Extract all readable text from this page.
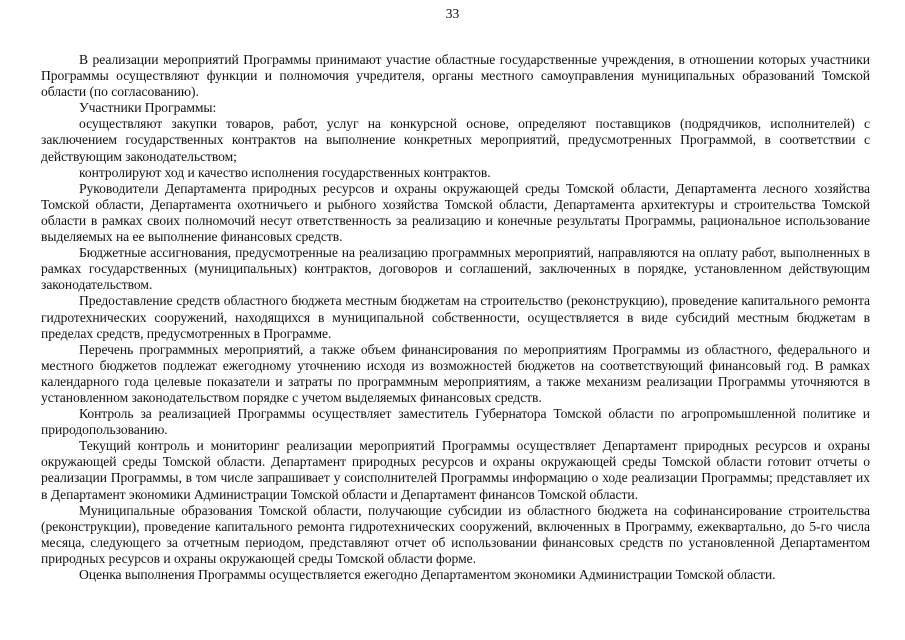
33

В реализации мероприятий Программы принимают участие областные государственные учреждения, в отношении которых участники Программы осуществляют функции и полномочия учредителя, органы местного самоуправления муниципальных образований Томской области (по согласованию).

Участники Программы:

осуществляют закупки товаров, работ, услуг на конкурсной основе, определяют поставщиков (подрядчиков, исполнителей) с заключением государственных контрактов на выполнение конкретных мероприятий, предусмотренных Программой, в соответствии с действующим законодательством;

контролируют ход и качество исполнения государственных контрактов.

Руководители Департамента природных ресурсов и охраны окружающей среды Томской области, Департамента лесного хозяйства Томской области, Департамента охотничьего и рыбного хозяйства Томской области, Департамента архитектуры и строительства Томской области в рамках своих полномочий несут ответственность за реализацию и конечные результаты Программы, рациональное использование выделяемых на ее выполнение финансовых средств.

Бюджетные ассигнования, предусмотренные на реализацию программных мероприятий, направляются на оплату работ, выполненных в рамках государственных (муниципальных) контрактов, договоров и соглашений, заключенных в порядке, установленном действующим законодательством.

Предоставление средств областного бюджета местным бюджетам на строительство (реконструкцию), проведение капитального ремонта гидротехнических сооружений, находящихся в муниципальной собственности, осуществляется в виде субсидий местным бюджетам в пределах средств, предусмотренных в Программе.

Перечень программных мероприятий, а также объем финансирования по мероприятиям Программы из областного, федерального и местного бюджетов подлежат ежегодному уточнению исходя из возможностей бюджетов на соответствующий финансовый год. В рамках календарного года целевые показатели и затраты по программным мероприятиям, а также механизм реализации Программы уточняются в установленном законодательством порядке с учетом выделяемых финансовых средств.

Контроль за реализацией Программы осуществляет заместитель Губернатора Томской области по агропромышленной политике и природопользованию.

Текущий контроль и мониторинг реализации мероприятий Программы осуществляет Департамент природных ресурсов и охраны окружающей среды Томской области. Департамент природных ресурсов и охраны окружающей среды Томской области готовит отчеты о реализации Программы, в том числе запрашивает у соисполнителей Программы информацию о ходе реализации Программы; представляет их в Департамент экономики Администрации Томской области и Департамент финансов Томской области.

Муниципальные образования Томской области, получающие субсидии из областного бюджета на софинансирование строительства (реконструкции), проведение капитального ремонта гидротехнических сооружений, включенных в Программу, ежеквартально, до 5-го числа месяца, следующего за отчетным периодом, представляют отчет об использовании финансовых средств по установленной Департаментом природных ресурсов и охраны окружающей среды Томской области форме.

Оценка выполнения Программы осуществляется ежегодно Департаментом экономики Администрации Томской области.
